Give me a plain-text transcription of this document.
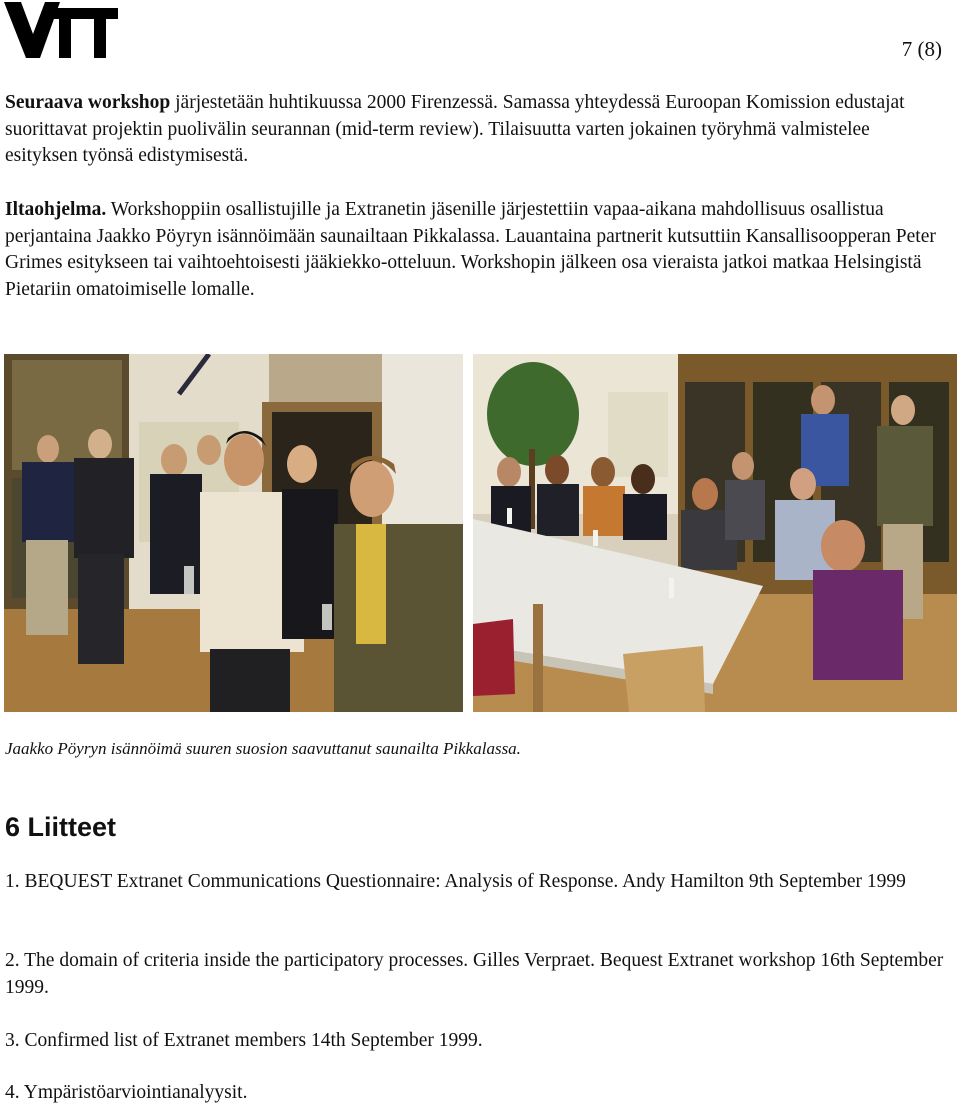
7 (8)

Seuraava workshop järjestetään huhtikuussa 2000 Firenzessä. Samassa yhteydessä Euroopan Komission edustajat suorittavat projektin puolivälin seurannan (mid-term review). Tilaisuutta varten jokainen työryhmä valmistelee esityksen työnsä edistymisestä.

Iltaohjelma. Workshoppiin osallistujille ja Extranetin jäsenille järjestettiin vapaa-aikana mahdollisuus osallistua perjantaina Jaakko Pöyryn isännöimään saunailtaan Pikkalassa. Lauantaina partnerit kutsuttiin Kansallisoopperan Peter Grimes esitykseen tai vaihtoehtoisesti jääkiekko-otteluun. Workshopin jälkeen osa vieraista jatkoi matkaa Helsingistä Pietariin omatoimiselle lomalle.

Jaakko Pöyryn isännöimä suuren suosion saavuttanut saunailta Pikkalassa.

6 Liitteet

1. BEQUEST Extranet Communications Questionnaire: Analysis of Response. Andy Hamilton 9th September 1999

2. The domain of criteria inside the participatory processes. Gilles Verpraet. Bequest Extranet workshop 16th September 1999.

3. Confirmed list of Extranet members 14th September 1999.

4. Ympäristöarviointianalyysit.
